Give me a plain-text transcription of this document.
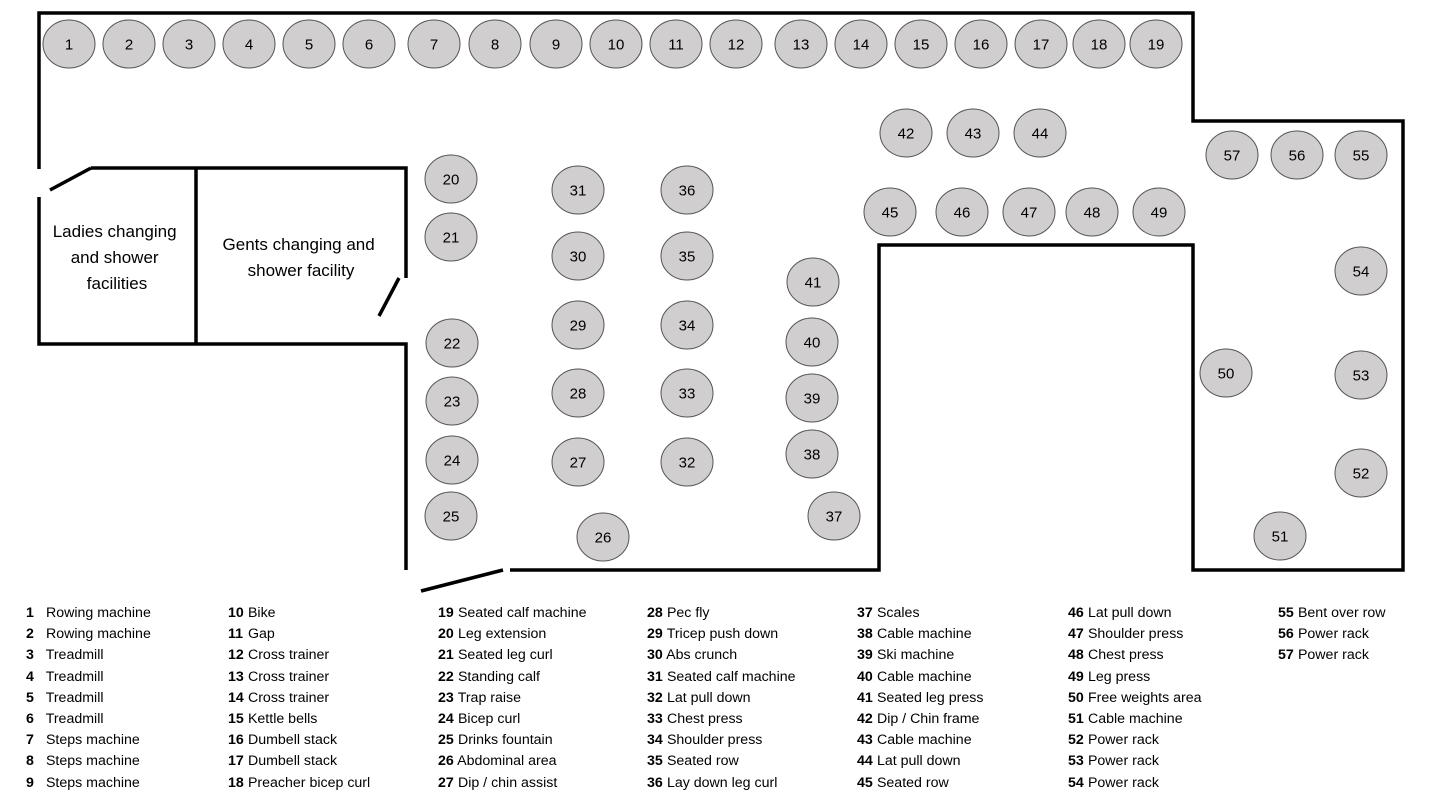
Ladies changing and shower facilities
Gents changing and shower facility
1	2	3	4	5	6	7	8	9	10	11	12	13	14	15	16	17	18	19
20
21
22
23
24
25
26
27
28
29
30
31
32
33
34
35
36
37
38
39
40
41
42	43	44
45	46	47	48	49
50
51
52
53
54
55
56
57
1 Rowing machine
2 Rowing machine
3 Treadmill
4 Treadmill
5 Treadmill
6 Treadmill
7 Steps machine
8 Steps machine
9 Steps machine
10 Bike
11 Gap
12 Cross trainer
13 Cross trainer
14 Cross trainer
15 Kettle bells
16 Dumbell stack
17 Dumbell stack
18 Preacher bicep curl
19 Seated calf machine
20 Leg extension
21 Seated leg curl
22 Standing calf
23 Trap raise
24 Bicep curl
25 Drinks fountain
26 Abdominal area
27 Dip / chin assist
28 Pec fly
29 Tricep push down
30 Abs crunch
31 Seated calf machine
32 Lat pull down
33 Chest press
34 Shoulder press
35 Seated row
36 Lay down leg curl
37 Scales
38 Cable machine
39 Ski machine
40 Cable machine
41 Seated leg press
42 Dip / Chin frame
43 Cable machine
44 Lat pull down
45 Seated row
46 Lat pull down
47 Shoulder press
48 Chest press
49 Leg press
50 Free weights area
51 Cable machine
52 Power rack
53 Power rack
54 Power rack
55 Bent over row
56 Power rack
57 Power rack
